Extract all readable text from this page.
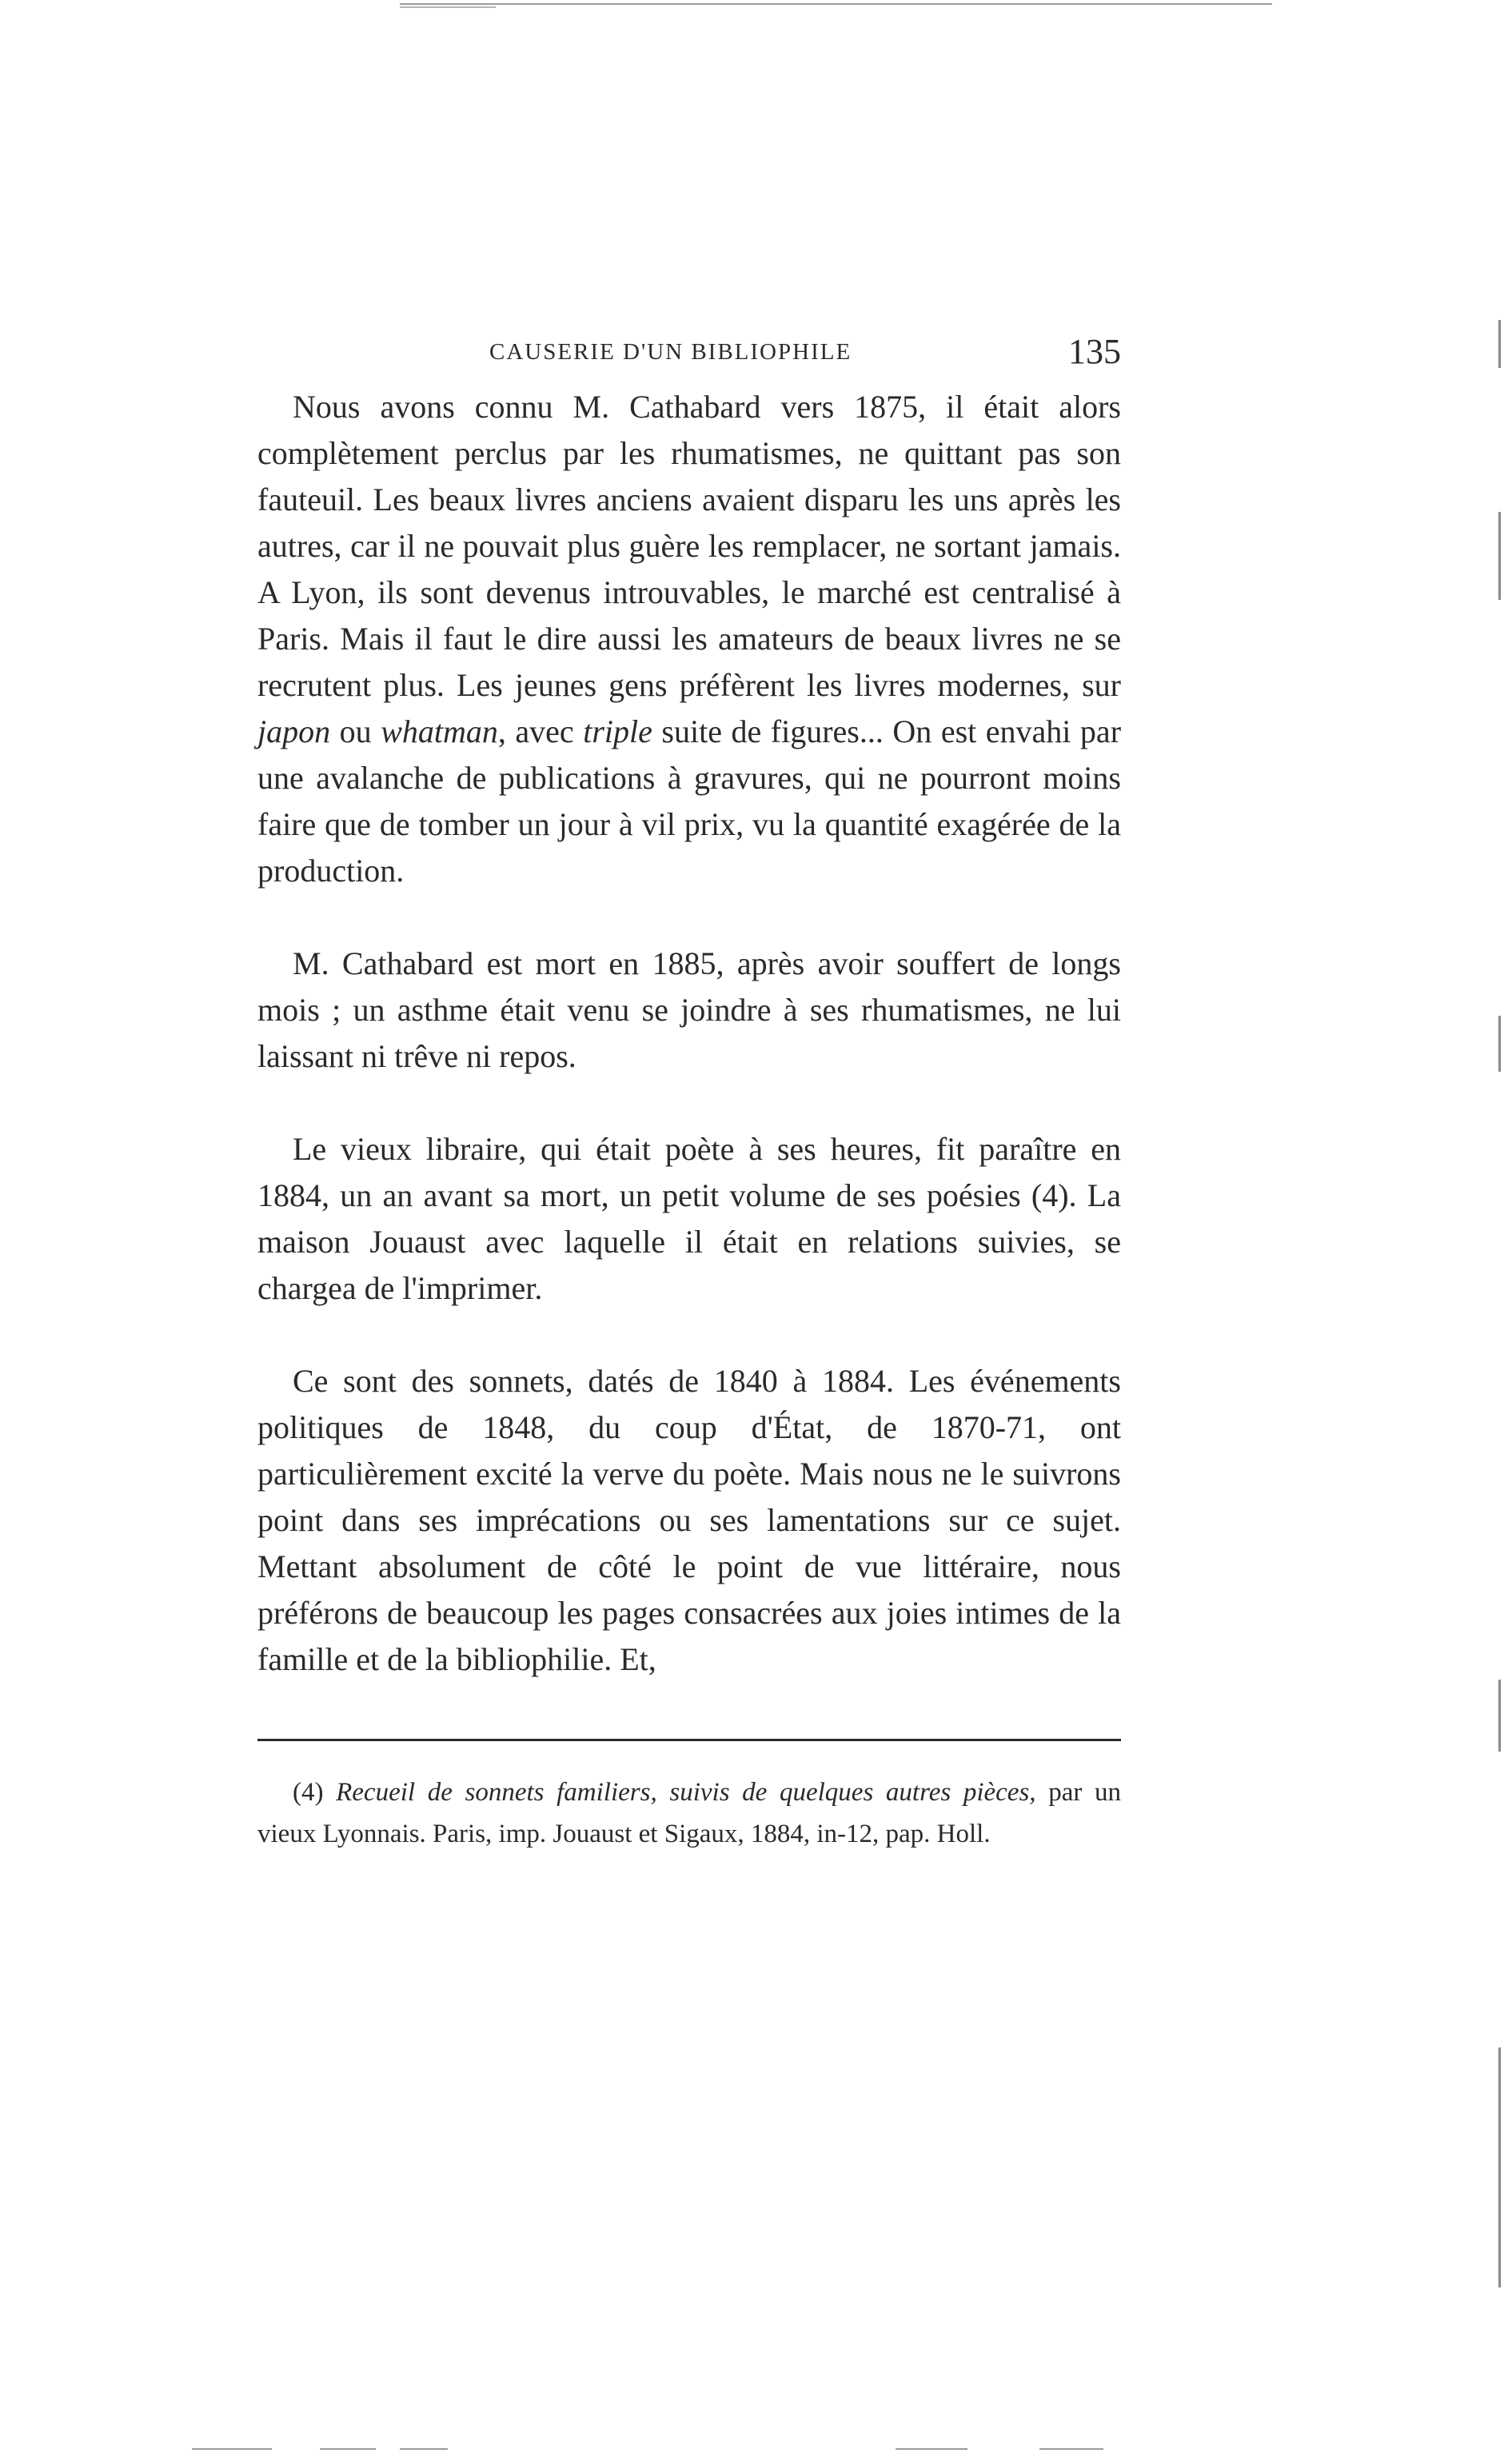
CAUSERIE D'UN BIBLIOPHILE	135

Nous avons connu M. Cathabard vers 1875, il était alors complètement perclus par les rhumatismes, ne quittant pas son fauteuil. Les beaux livres anciens avaient disparu les uns après les autres, car il ne pouvait plus guère les remplacer, ne sortant jamais. A Lyon, ils sont devenus introuvables, le marché est centralisé à Paris. Mais il faut le dire aussi les amateurs de beaux livres ne se recrutent plus. Les jeunes gens préfèrent les livres modernes, sur japon ou whatman, avec triple suite de figures... On est envahi par une avalanche de publications à gravures, qui ne pourront moins faire que de tomber un jour à vil prix, vu la quantité exagérée de la production.

M. Cathabard est mort en 1885, après avoir souffert de longs mois ; un asthme était venu se joindre à ses rhumatismes, ne lui laissant ni trêve ni repos.

Le vieux libraire, qui était poète à ses heures, fit paraître en 1884, un an avant sa mort, un petit volume de ses poésies (4). La maison Jouaust avec laquelle il était en relations suivies, se chargea de l'imprimer.

Ce sont des sonnets, datés de 1840 à 1884. Les événements politiques de 1848, du coup d'État, de 1870-71, ont particulièrement excité la verve du poète. Mais nous ne le suivrons point dans ses imprécations ou ses lamentations sur ce sujet. Mettant absolument de côté le point de vue littéraire, nous préférons de beaucoup les pages consacrées aux joies intimes de la famille et de la bibliophilie. Et,

(4) Recueil de sonnets familiers, suivis de quelques autres pièces, par un vieux Lyonnais. Paris, imp. Jouaust et Sigaux, 1884, in-12, pap. Holl.
